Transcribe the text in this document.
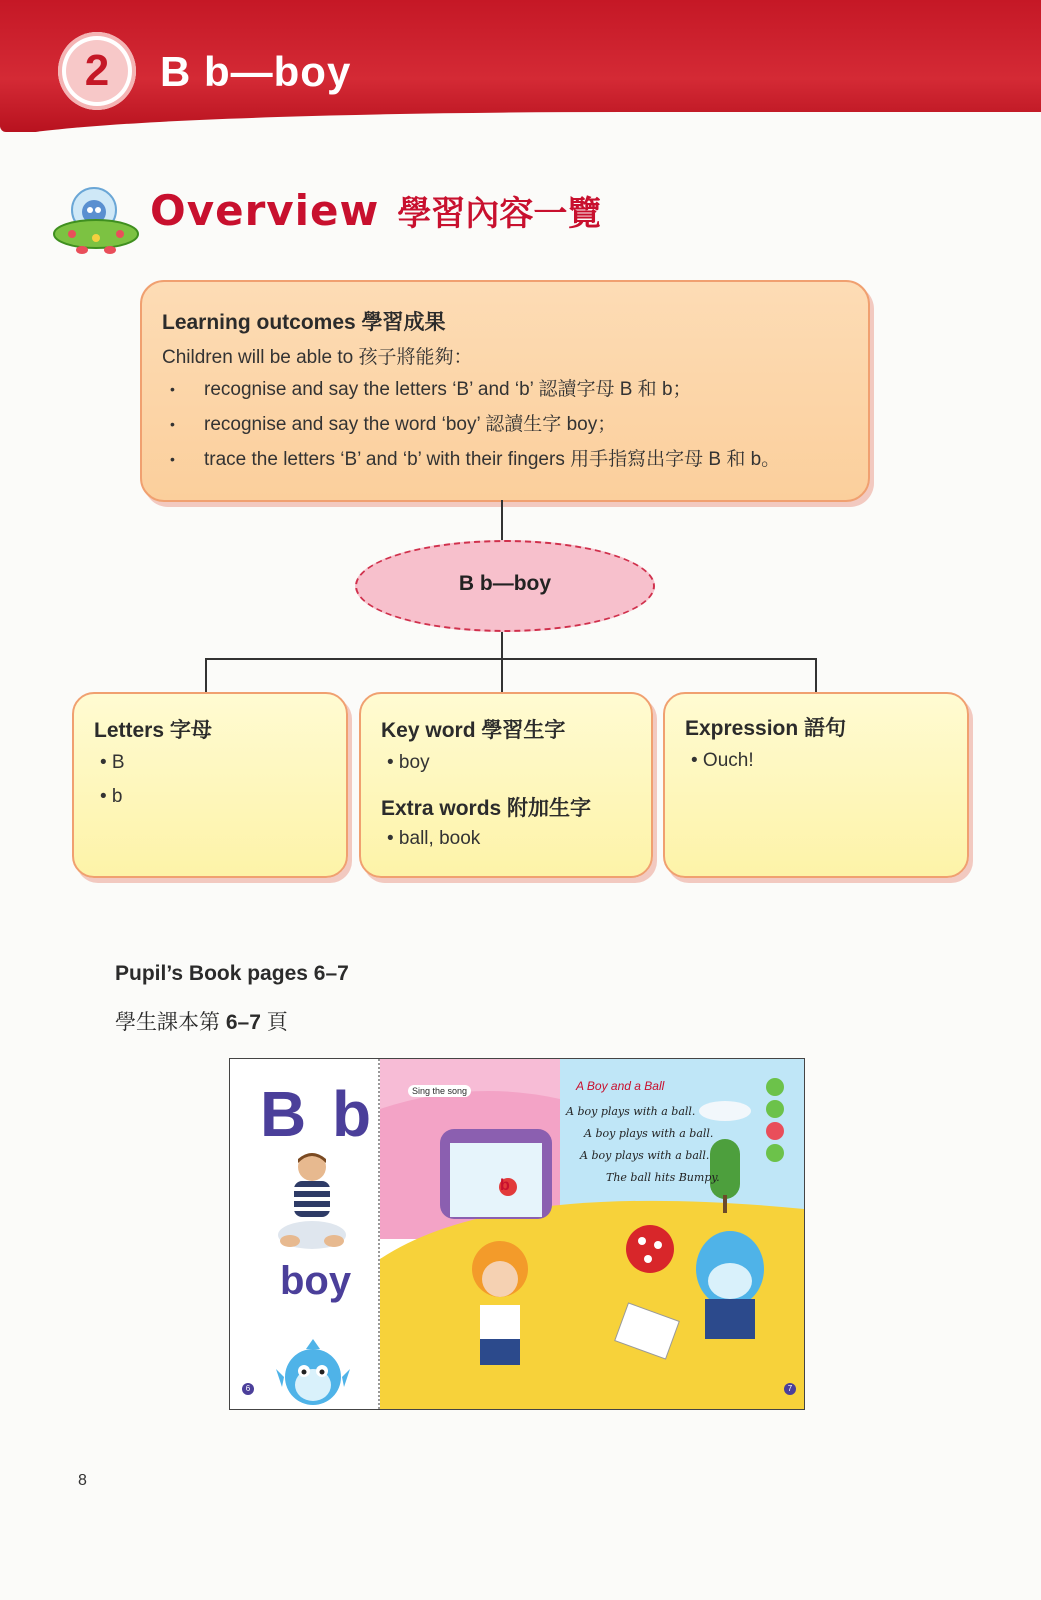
2	B b—boy
Overview 學習內容一覽
Learning outcomes 學習成果
Children will be able to 孩子將能夠：
• recognise and say the letters ‘B’ and ‘b’ 認讀字母 B 和 b；
• recognise and say the word ‘boy’ 認讀生字 boy；
• trace the letters ‘B’ and ‘b’ with their fingers 用手指寫出字母 B 和 b。
B b—boy
Letters 字母
• B
• b
Key word 學習生字
• boy
Extra words 附加生字
• ball, book
Expression 語句
• Ouch!
Pupil’s Book pages 6–7
學生課本第 6–7 頁
B b
boy
6
Sing the song	A Boy and a Ball
A boy plays with a ball.
A boy plays with a ball.
A boy plays with a ball.
The ball hits Bumpy.
b
7
8
